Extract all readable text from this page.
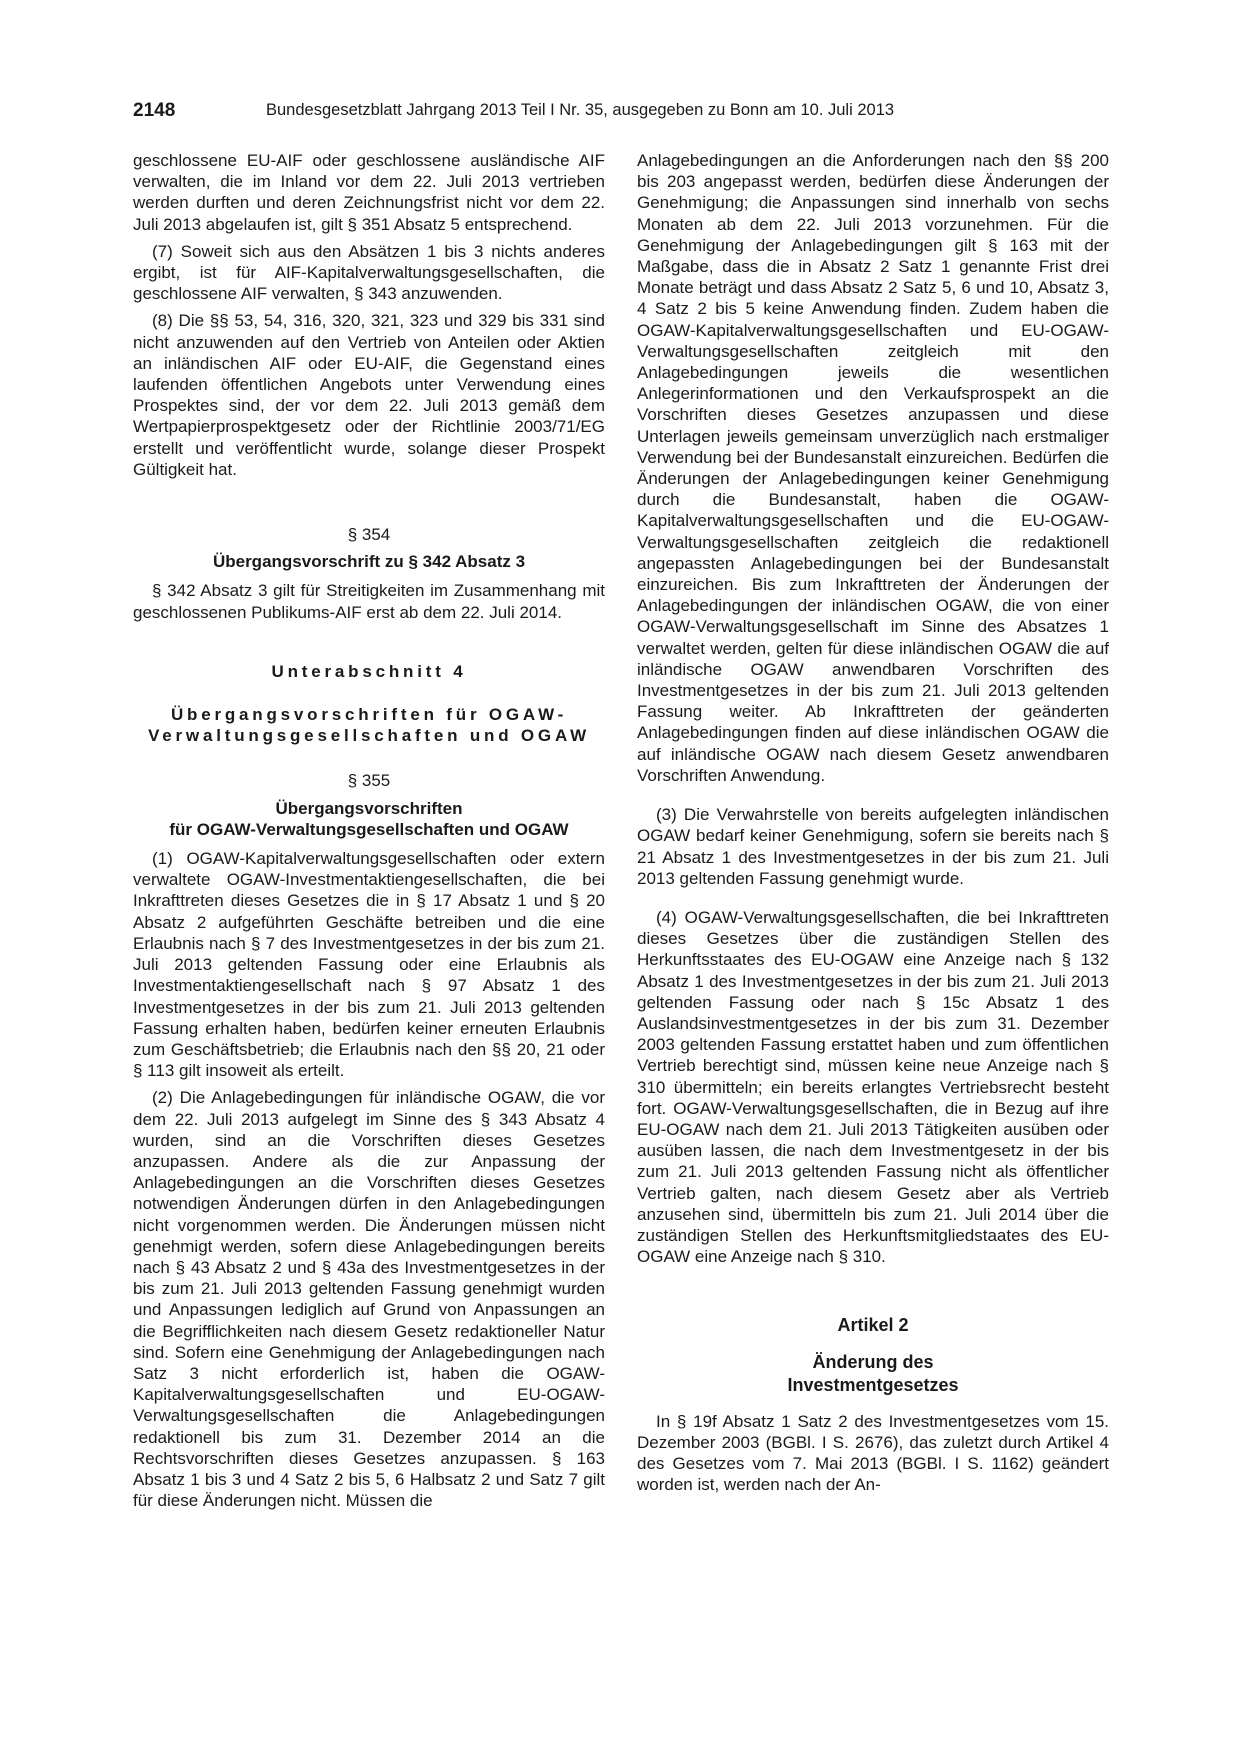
2148	Bundesgesetzblatt Jahrgang 2013 Teil I Nr. 35, ausgegeben zu Bonn am 10. Juli 2013

geschlossene EU-AIF oder geschlossene ausländische AIF verwalten, die im Inland vor dem 22. Juli 2013 vertrieben werden durften und deren Zeichnungsfrist nicht vor dem 22. Juli 2013 abgelaufen ist, gilt § 351 Absatz 5 entsprechend.

(7) Soweit sich aus den Absätzen 1 bis 3 nichts anderes ergibt, ist für AIF-Kapitalverwaltungsgesellschaften, die geschlossene AIF verwalten, § 343 anzuwenden.

(8) Die §§ 53, 54, 316, 320, 321, 323 und 329 bis 331 sind nicht anzuwenden auf den Vertrieb von Anteilen oder Aktien an inländischen AIF oder EU-AIF, die Gegenstand eines laufenden öffentlichen Angebots unter Verwendung eines Prospektes sind, der vor dem 22. Juli 2013 gemäß dem Wertpapierprospektgesetz oder der Richtlinie 2003/71/EG erstellt und veröffentlicht wurde, solange dieser Prospekt Gültigkeit hat.

§ 354
Übergangsvorschrift zu § 342 Absatz 3

§ 342 Absatz 3 gilt für Streitigkeiten im Zusammenhang mit geschlossenen Publikums-AIF erst ab dem 22. Juli 2014.

Unterabschnitt 4
Übergangsvorschriften für OGAW-
Verwaltungsgesellschaften und OGAW
§ 355
Übergangsvorschriften
für OGAW-Verwaltungsgesellschaften und OGAW

(1) OGAW-Kapitalverwaltungsgesellschaften oder extern verwaltete OGAW-Investmentaktiengesellschaften, die bei Inkrafttreten dieses Gesetzes die in § 17 Absatz 1 und § 20 Absatz 2 aufgeführten Geschäfte betreiben und die eine Erlaubnis nach § 7 des Investmentgesetzes in der bis zum 21. Juli 2013 geltenden Fassung oder eine Erlaubnis als Investmentaktiengesellschaft nach § 97 Absatz 1 des Investmentgesetzes in der bis zum 21. Juli 2013 geltenden Fassung erhalten haben, bedürfen keiner erneuten Erlaubnis zum Geschäftsbetrieb; die Erlaubnis nach den §§ 20, 21 oder § 113 gilt insoweit als erteilt.

(2) Die Anlagebedingungen für inländische OGAW, die vor dem 22. Juli 2013 aufgelegt im Sinne des § 343 Absatz 4 wurden, sind an die Vorschriften dieses Gesetzes anzupassen. Andere als die zur Anpassung der Anlagebedingungen an die Vorschriften dieses Gesetzes notwendigen Änderungen dürfen in den Anlagebedingungen nicht vorgenommen werden. Die Änderungen müssen nicht genehmigt werden, sofern diese Anlagebedingungen bereits nach § 43 Absatz 2 und § 43a des Investmentgesetzes in der bis zum 21. Juli 2013 geltenden Fassung genehmigt wurden und Anpassungen lediglich auf Grund von Anpassungen an die Begrifflichkeiten nach diesem Gesetz redaktioneller Natur sind. Sofern eine Genehmigung der Anlagebedingungen nach Satz 3 nicht erforderlich ist, haben die OGAW-Kapitalverwaltungsgesellschaften und EU-OGAW-Verwaltungsgesellschaften die Anlagebedingungen redaktionell bis zum 31. Dezember 2014 an die Rechtsvorschriften dieses Gesetzes anzupassen. § 163 Absatz 1 bis 3 und 4 Satz 2 bis 5, 6 Halbsatz 2 und Satz 7 gilt für diese Änderungen nicht. Müssen die

Anlagebedingungen an die Anforderungen nach den §§ 200 bis 203 angepasst werden, bedürfen diese Änderungen der Genehmigung; die Anpassungen sind innerhalb von sechs Monaten ab dem 22. Juli 2013 vorzunehmen. Für die Genehmigung der Anlagebedingungen gilt § 163 mit der Maßgabe, dass die in Absatz 2 Satz 1 genannte Frist drei Monate beträgt und dass Absatz 2 Satz 5, 6 und 10, Absatz 3, 4 Satz 2 bis 5 keine Anwendung finden. Zudem haben die OGAW-Kapitalverwaltungsgesellschaften und EU-OGAW-Verwaltungsgesellschaften zeitgleich mit den Anlagebedingungen jeweils die wesentlichen Anlegerinformationen und den Verkaufsprospekt an die Vorschriften dieses Gesetzes anzupassen und diese Unterlagen jeweils gemeinsam unverzüglich nach erstmaliger Verwendung bei der Bundesanstalt einzureichen. Bedürfen die Änderungen der Anlagebedingungen keiner Genehmigung durch die Bundesanstalt, haben die OGAW-Kapitalverwaltungsgesellschaften und die EU-OGAW-Verwaltungsgesellschaften zeitgleich die redaktionell angepassten Anlagebedingungen bei der Bundesanstalt einzureichen. Bis zum Inkrafttreten der Änderungen der Anlagebedingungen der inländischen OGAW, die von einer OGAW-Verwaltungsgesellschaft im Sinne des Absatzes 1 verwaltet werden, gelten für diese inländischen OGAW die auf inländische OGAW anwendbaren Vorschriften des Investmentgesetzes in der bis zum 21. Juli 2013 geltenden Fassung weiter. Ab Inkrafttreten der geänderten Anlagebedingungen finden auf diese inländischen OGAW die auf inländische OGAW nach diesem Gesetz anwendbaren Vorschriften Anwendung.

(3) Die Verwahrstelle von bereits aufgelegten inländischen OGAW bedarf keiner Genehmigung, sofern sie bereits nach § 21 Absatz 1 des Investmentgesetzes in der bis zum 21. Juli 2013 geltenden Fassung genehmigt wurde.

(4) OGAW-Verwaltungsgesellschaften, die bei Inkrafttreten dieses Gesetzes über die zuständigen Stellen des Herkunftsstaates des EU-OGAW eine Anzeige nach § 132 Absatz 1 des Investmentgesetzes in der bis zum 21. Juli 2013 geltenden Fassung oder nach § 15c Absatz 1 des Auslandsinvestmentgesetzes in der bis zum 31. Dezember 2003 geltenden Fassung erstattet haben und zum öffentlichen Vertrieb berechtigt sind, müssen keine neue Anzeige nach § 310 übermitteln; ein bereits erlangtes Vertriebsrecht besteht fort. OGAW-Verwaltungsgesellschaften, die in Bezug auf ihre EU-OGAW nach dem 21. Juli 2013 Tätigkeiten ausüben oder ausüben lassen, die nach dem Investmentgesetz in der bis zum 21. Juli 2013 geltenden Fassung nicht als öffentlicher Vertrieb galten, nach diesem Gesetz aber als Vertrieb anzusehen sind, übermitteln bis zum 21. Juli 2014 über die zuständigen Stellen des Herkunftsmitgliedstaates des EU-OGAW eine Anzeige nach § 310.

Artikel 2
Änderung des
Investmentgesetzes

In § 19f Absatz 1 Satz 2 des Investmentgesetzes vom 15. Dezember 2003 (BGBl. I S. 2676), das zuletzt durch Artikel 4 des Gesetzes vom 7. Mai 2013 (BGBl. I S. 1162) geändert worden ist, werden nach der An-
